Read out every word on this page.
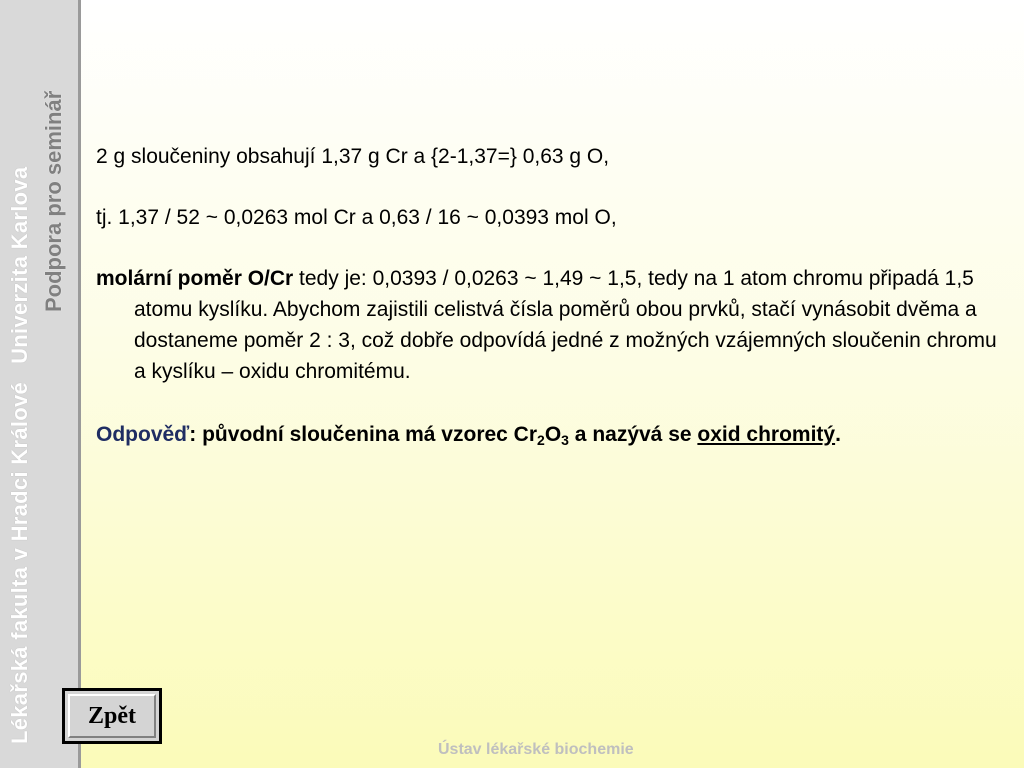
Lékařská fakulta v Hradci KrálovéUniverzita Karlova Podpora pro seminář 2 g sloučeniny obsahují 1,37 g Cr a {2-1,37=} 0,63 g O,

tj. 1,37 / 52 ~ 0,0263 mol Cr a 0,63 / 16 ~ 0,0393 mol O,

molární poměr O/Cr tedy je: 0,0393 / 0,0263 ~ 1,49 ~ 1,5, tedy na 1 atom chromu připadá 1,5 atomu kyslíku. Abychom zajistili celistvá čísla poměrů obou prvků, stačí vynásobit dvěma a dostaneme poměr 2 : 3, což dobře odpovídá jedné z možných vzájemných sloučenin chromu a kyslíku – oxidu chromitému.

Odpověď: původní sloučenina má vzorec $Cr_2O_3$ a nazývá se oxid chromitý.

Zpět
Ústav lékařské biochemie
